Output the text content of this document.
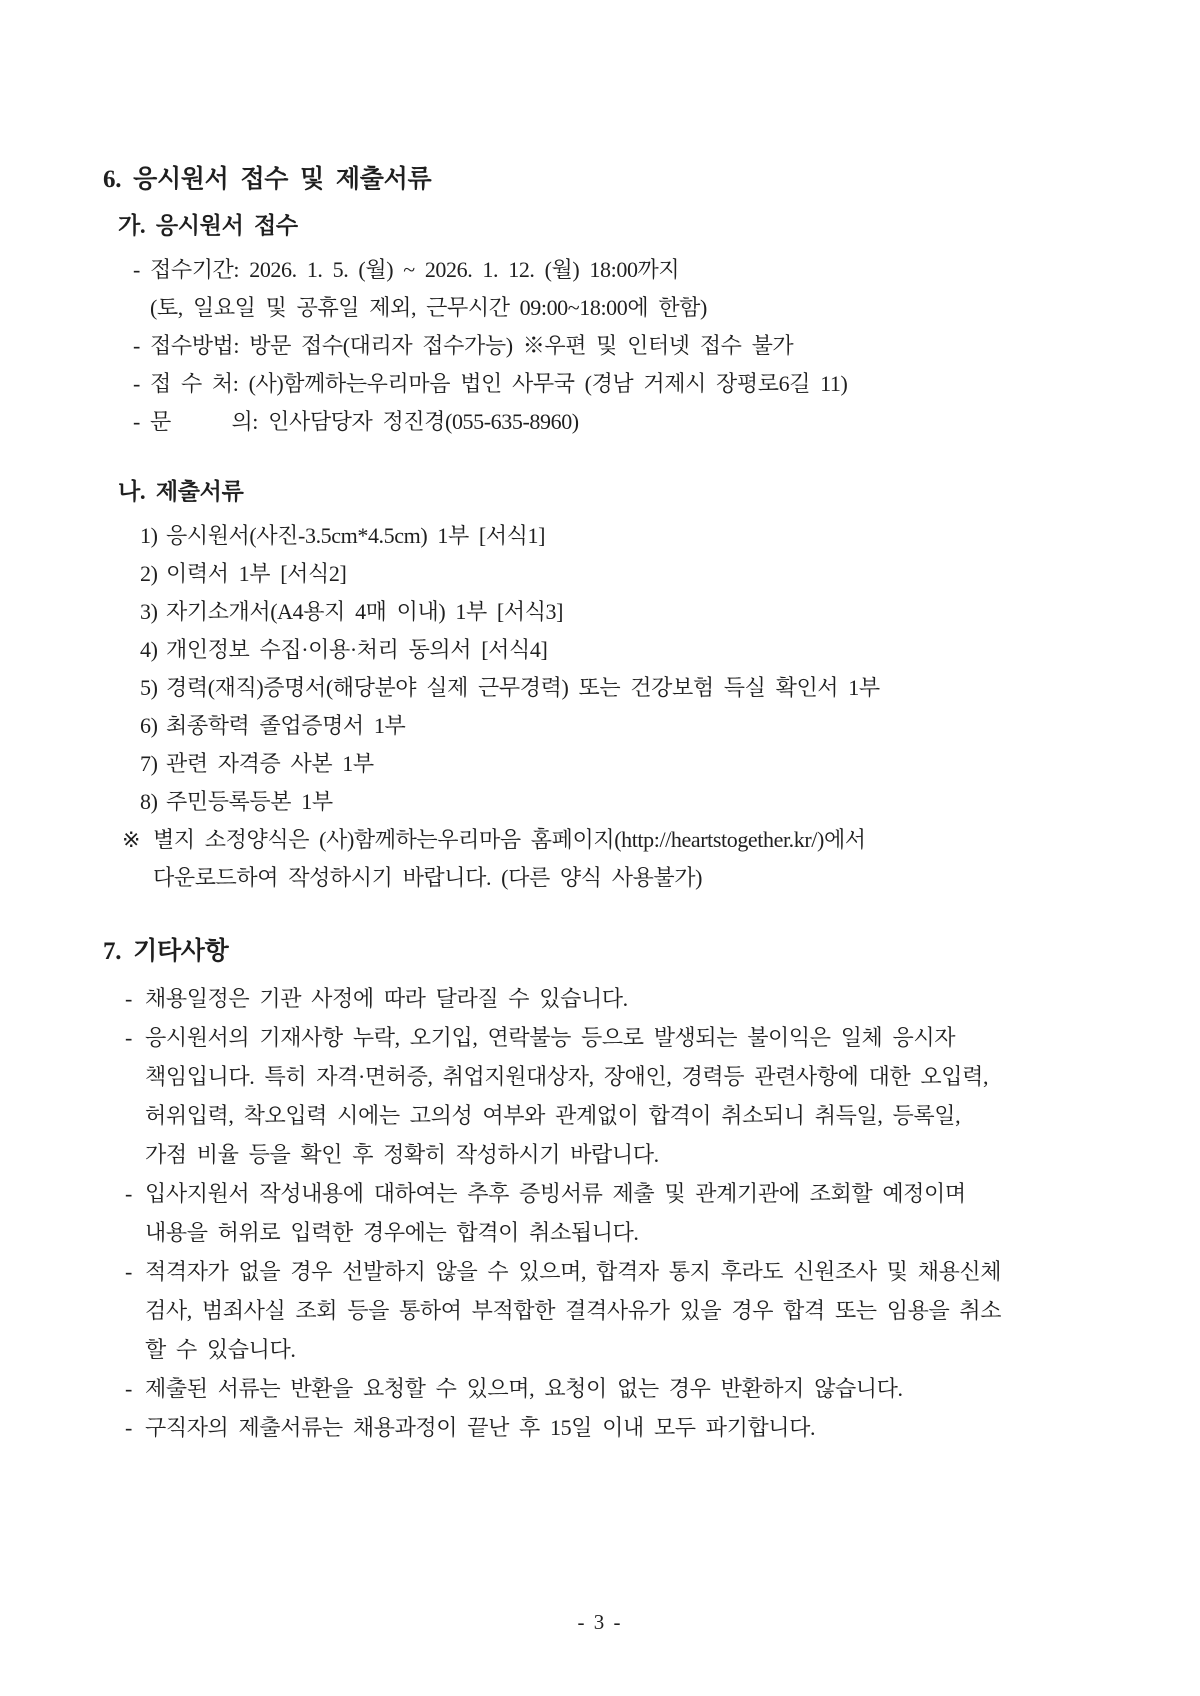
6. 응시원서 접수 및 제출서류
가. 응시원서 접수
- 접수기간: 2026. 1. 5. (월) ~ 2026. 1. 12. (월) 18:00까지
(토, 일요일 및 공휴일 제외, 근무시간 09:00~18:00에 한함)
- 접수방법: 방문 접수(대리자 접수가능) ※우편 및 인터넷 접수 불가
- 접 수 처: (사)함께하는우리마음 법인 사무국 (경남 거제시 장평로6길 11)
- 문      의: 인사담당자 정진경(055-635-8960)
나. 제출서류
1) 응시원서(사진-3.5cm*4.5cm) 1부 [서식1]
2) 이력서 1부 [서식2]
3) 자기소개서(A4용지 4매 이내) 1부 [서식3]
4) 개인정보 수집·이용·처리 동의서 [서식4]
5) 경력(재직)증명서(해당분야 실제 근무경력) 또는 건강보험 득실 확인서 1부
6) 최종학력 졸업증명서 1부
7) 관련 자격증 사본 1부
8) 주민등록등본 1부
※ 별지 소정양식은 (사)함께하는우리마음 홈페이지(http://heartstogether.kr/)에서
다운로드하여 작성하시기 바랍니다. (다른 양식 사용불가)
7. 기타사항
- 채용일정은 기관 사정에 따라 달라질 수 있습니다.
- 응시원서의 기재사항 누락, 오기입, 연락불능 등으로 발생되는 불이익은 일체 응시자
책임입니다. 특히 자격·면허증, 취업지원대상자, 장애인, 경력등 관련사항에 대한 오입력,
허위입력, 착오입력 시에는 고의성 여부와 관계없이 합격이 취소되니 취득일, 등록일,
가점 비율 등을 확인 후 정확히 작성하시기 바랍니다.
- 입사지원서 작성내용에 대하여는 추후 증빙서류 제출 및 관계기관에 조회할 예정이며
내용을 허위로 입력한 경우에는 합격이 취소됩니다.
- 적격자가 없을 경우 선발하지 않을 수 있으며, 합격자 통지 후라도 신원조사 및 채용신체
검사, 범죄사실 조회 등을 통하여 부적합한 결격사유가 있을 경우 합격 또는 임용을 취소
할 수 있습니다.
- 제출된 서류는 반환을 요청할 수 있으며, 요청이 없는 경우 반환하지 않습니다.
- 구직자의 제출서류는 채용과정이 끝난 후 15일 이내 모두 파기합니다.
- 3 -
